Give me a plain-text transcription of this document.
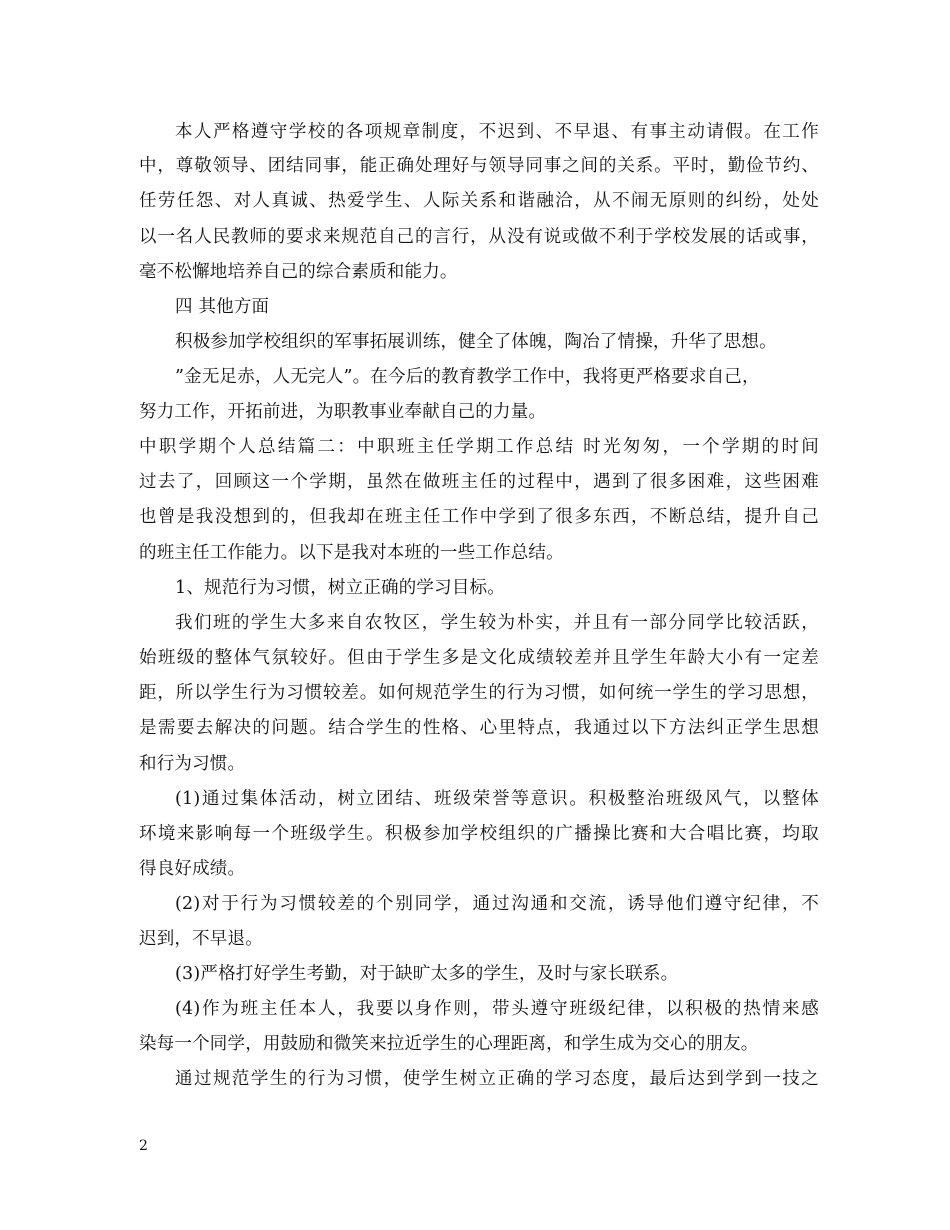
本人严格遵守学校的各项规章制度，不迟到、不早退、有事主动请假。在工作
中，尊敬领导、团结同事，能正确处理好与领导同事之间的关系。平时，勤俭节约、
任劳任怨、对人真诚、热爱学生、人际关系和谐融洽，从不闹无原则的纠纷，处处
以一名人民教师的要求来规范自己的言行，从没有说或做不利于学校发展的话或事，
毫不松懈地培养自己的综合素质和能力。
四 其他方面
积极参加学校组织的军事拓展训练，健全了体魄，陶冶了情操，升华了思想。
”金无足赤，人无完人”。在今后的教育教学工作中，我将更严格要求自己，
努力工作，开拓前进，为职教事业奉献自己的力量。
中职学期个人总结篇二：中职班主任学期工作总结 时光匆匆，一个学期的时间
过去了，回顾这一个学期，虽然在做班主任的过程中，遇到了很多困难，这些困难
也曾是我没想到的，但我却在班主任工作中学到了很多东西，不断总结，提升自己
的班主任工作能力。以下是我对本班的一些工作总结。
1、规范行为习惯，树立正确的学习目标。
我们班的学生大多来自农牧区，学生较为朴实，并且有一部分同学比较活跃，
始班级的整体气氛较好。但由于学生多是文化成绩较差并且学生年龄大小有一定差
距，所以学生行为习惯较差。如何规范学生的行为习惯，如何统一学生的学习思想，
是需要去解决的问题。结合学生的性格、心里特点，我通过以下方法纠正学生思想
和行为习惯。
(1)通过集体活动，树立团结、班级荣誉等意识。积极整治班级风气，以整体
环境来影响每一个班级学生。积极参加学校组织的广播操比赛和大合唱比赛，均取
得良好成绩。
(2)对于行为习惯较差的个别同学，通过沟通和交流，诱导他们遵守纪律，不
迟到，不早退。
(3)严格打好学生考勤，对于缺旷太多的学生，及时与家长联系。
(4)作为班主任本人，我要以身作则，带头遵守班级纪律，以积极的热情来感
染每一个同学，用鼓励和微笑来拉近学生的心理距离，和学生成为交心的朋友。
通过规范学生的行为习惯，使学生树立正确的学习态度，最后达到学到一技之
2
